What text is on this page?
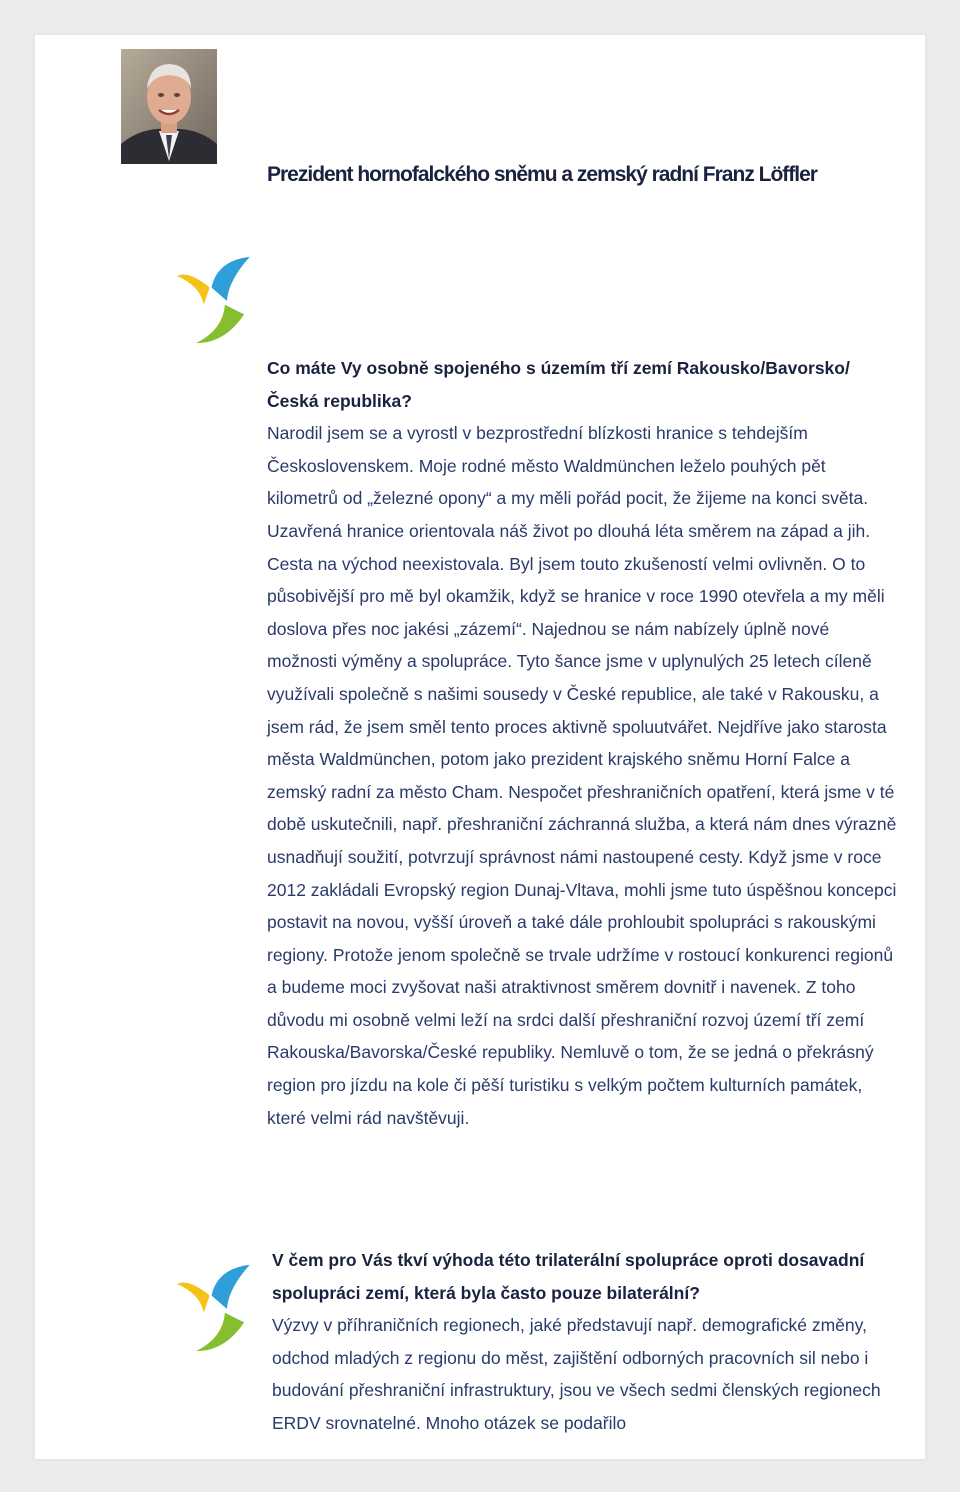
Prezident hornofalckého sněmu a zemský radní Franz Löffler
Co máte Vy osobně spojeného s územím tří zemí Rakousko/Bavorsko/Česká republika?
Narodil jsem se a vyrostl v bezprostřední blízkosti hranice s tehdejším Československem. Moje rodné město Waldmünchen leželo pouhých pět kilometrů od „železné opony“ a my měli pořád pocit, že žijeme na konci světa. Uzavřená hranice orientovala náš život po dlouhá léta směrem na západ a jih. Cesta na východ neexistovala. Byl jsem touto zkušeností velmi ovlivněn. O to působivější pro mě byl okamžik, když se hranice v roce 1990 otevřela a my měli doslova přes noc jakési „zázemí“. Najednou se nám nabízely úplně nové možnosti výměny a spolupráce. Tyto šance jsme v uplynulých 25 letech cíleně využívali společně s našimi sousedy v České republice, ale také v Rakousku, a jsem rád, že jsem směl tento proces aktivně spoluutvářet. Nejdříve jako starosta města Waldmünchen, potom jako prezident krajského sněmu Horní Falce a zemský radní za město Cham. Nespočet přeshraničních opatření, která jsme v té době uskutečnili, např. přeshraniční záchranná služba, a která nám dnes výrazně usnadňují soužití, potvrzují správnost námi nastoupené cesty. Když jsme v roce 2012 zakládali Evropský region Dunaj-Vltava, mohli jsme tuto úspěšnou koncepci postavit na novou, vyšší úroveň a také dále prohloubit spolupráci s rakouskými regiony. Protože jenom společně se trvale udržíme v rostoucí konkurenci regionů a budeme moci zvyšovat naši atraktivnost směrem dovnitř i navenek. Z toho důvodu mi osobně velmi leží na srdci další přeshraniční rozvoj území tří zemí Rakouska/Bavorska/České republiky. Nemluvě o tom, že se jedná o překrásný region pro jízdu na kole či pěší turistiku s velkým počtem kulturních památek, které velmi rád navštěvuji.
V čem pro Vás tkví výhoda této trilaterální spolupráce oproti dosavadní spolupráci zemí, která byla často pouze bilaterální?
Výzvy v příhraničních regionech, jaké představují např. demografické změny, odchod mladých z regionu do měst, zajištění odborných pracovních sil nebo i budování přeshraniční infrastruktury, jsou ve všech sedmi členských regionech ERDV srovnatelné. Mnoho otázek se podařilo
